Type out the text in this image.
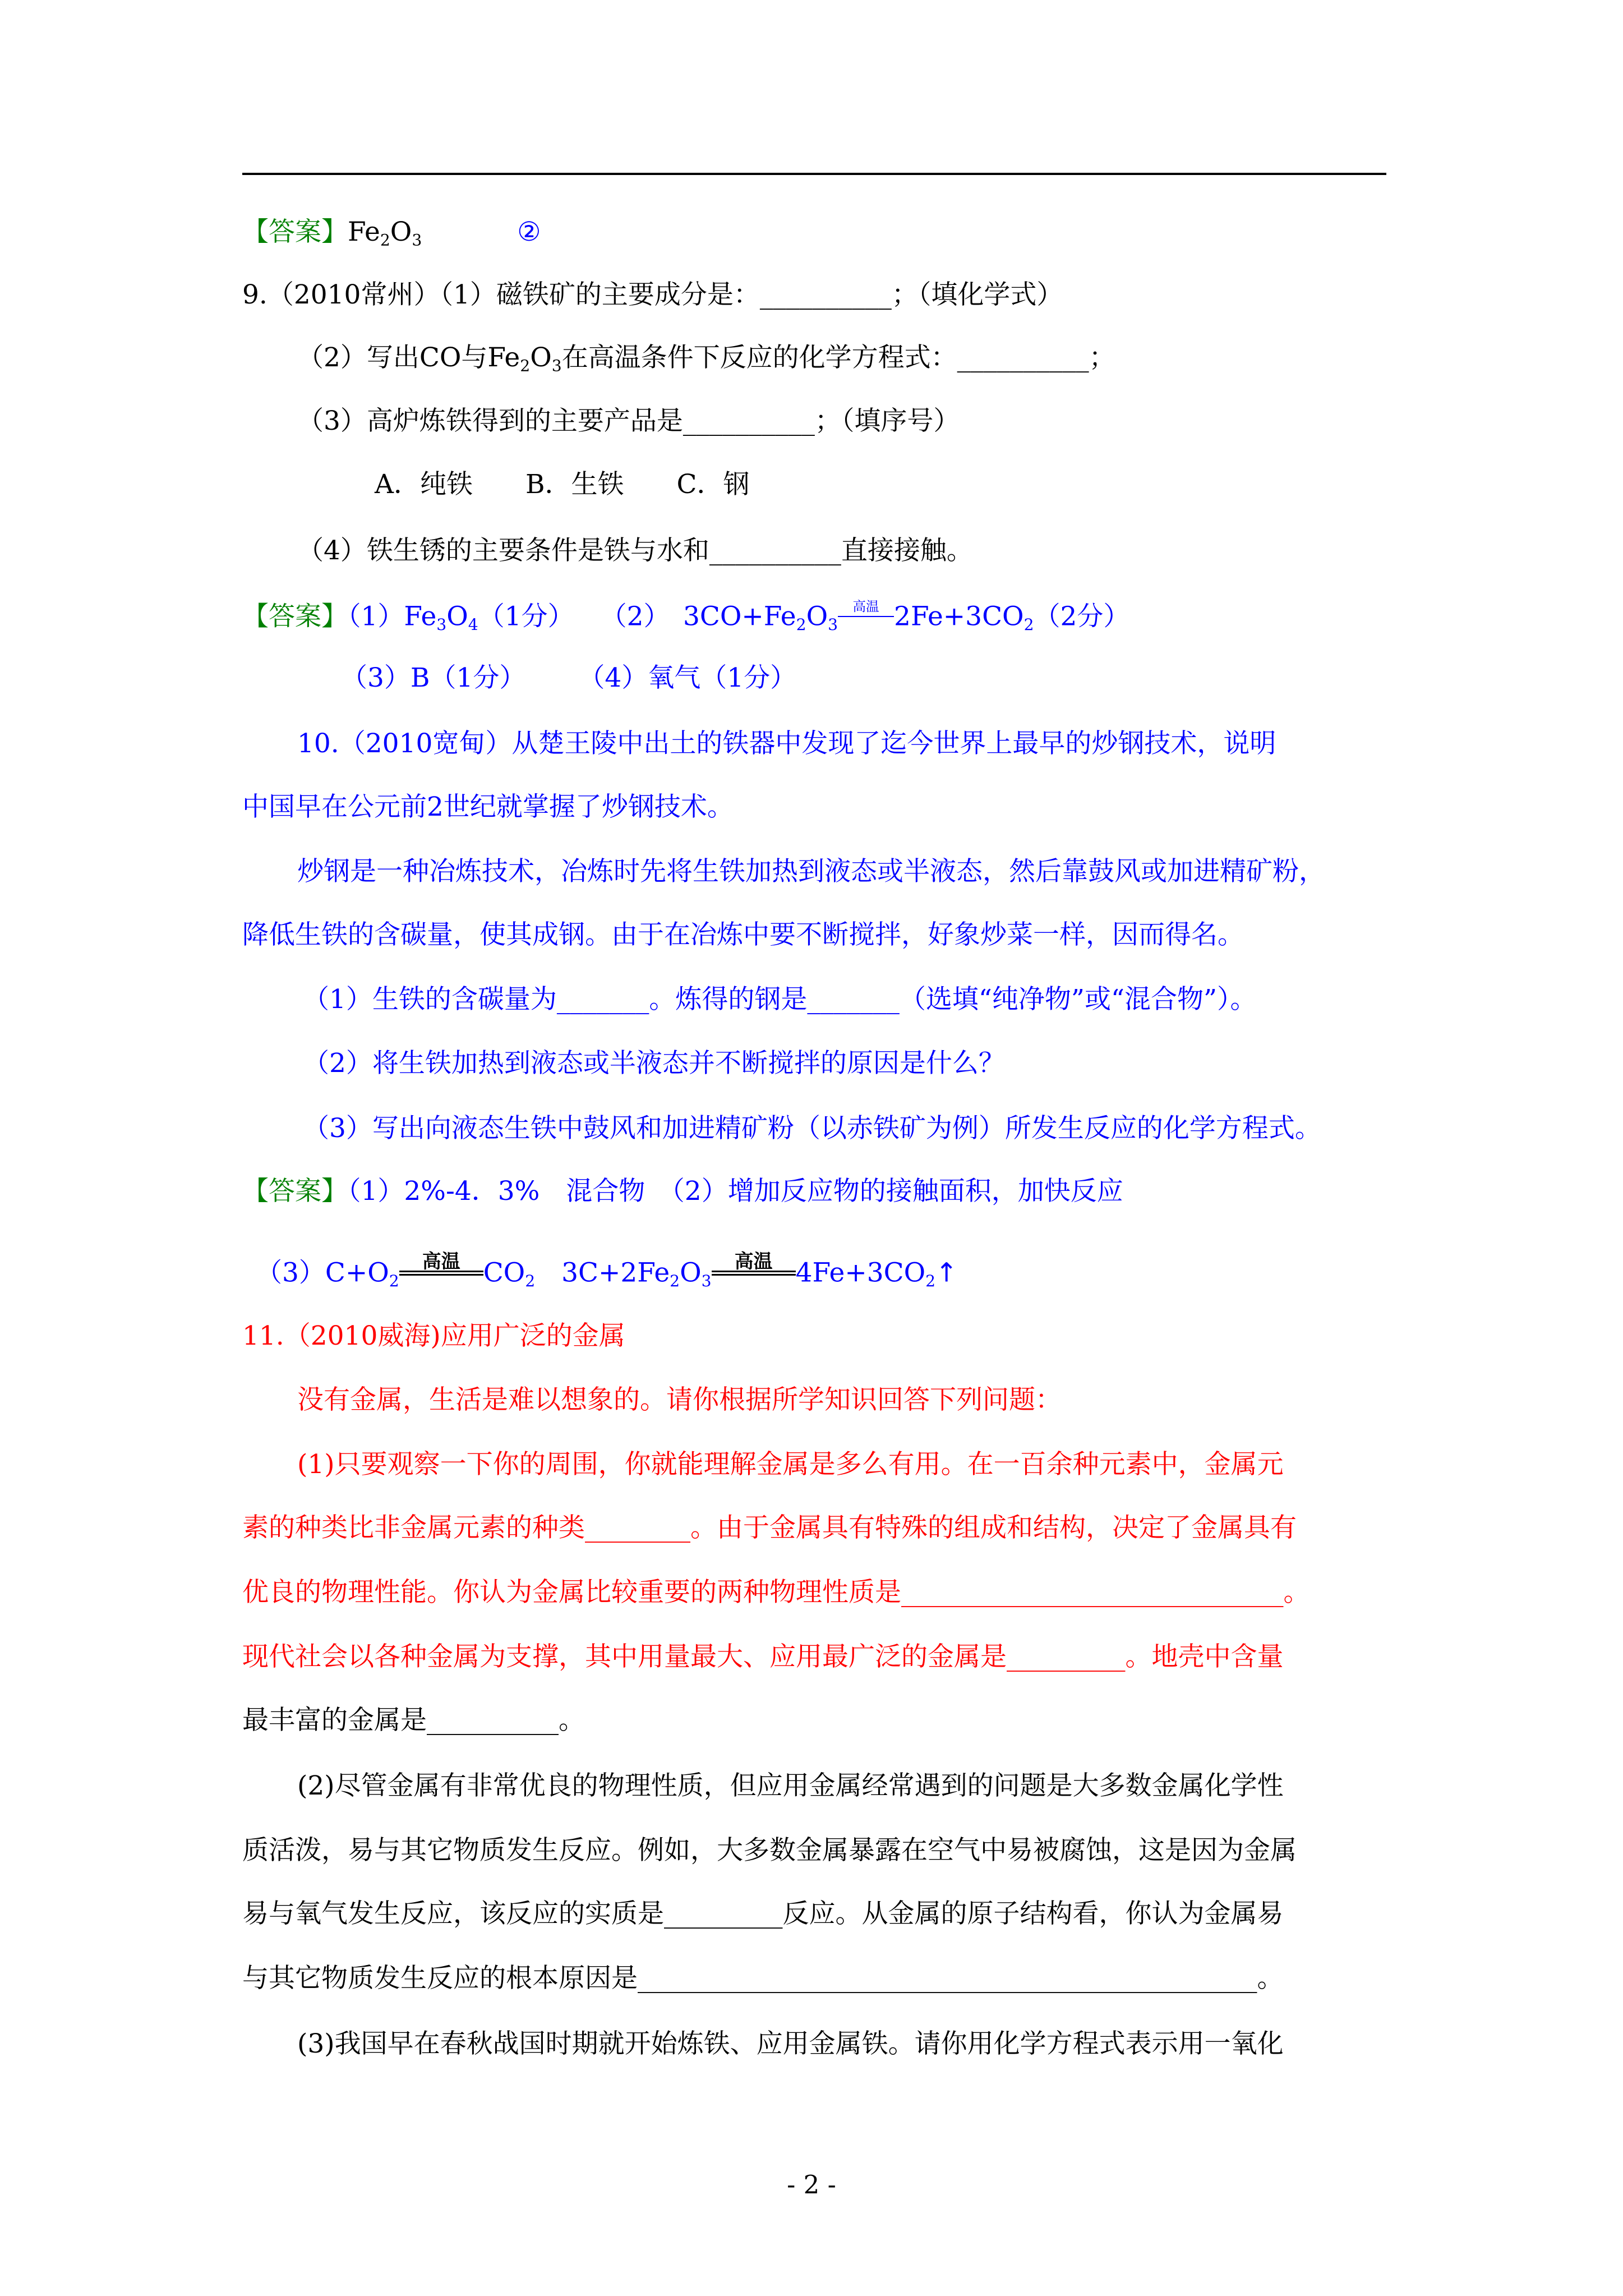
【答案】$Fe_2O_3$	②
9.（2010常州）（1）磁铁矿的主要成分是：__________；（填化学式）
（2）写出CO与$Fe_2O_3$在高温条件下反应的化学方程式：__________；
（3）高炉炼铁得到的主要产品是__________；（填序号）
A．纯铁　　B．生铁　　C．钢
（4）铁生锈的主要条件是铁与水和__________直接接触。
【答案】$(1)Fe_3O_4(1$分）　　（2）　$3CO+Fe_2O_3$
高温 $2Fe+3CO_2(2$分）
（3）B（1分）　　　（4）氧气（1分）
10.（2010宽甸）从楚王陵中出土的铁器中发现了迄今世界上最早的炒钢技术，说明
中国早在公元前2世纪就掌握了炒钢技术。
炒钢是一种冶炼技术，冶炼时先将生铁加热到液态或半液态，然后靠鼓风或加进精矿粉，
降低生铁的含碳量，使其成钢。由于在冶炼中要不断搅拌，好象炒菜一样，因而得名。
（1）生铁的含碳量为_______。炼得的钢是_______（选填“纯净物”或“混合物”）。
（2）将生铁加热到液态或半液态并不断搅拌的原因是什么？
（3）写出向液态生铁中鼓风和加进精矿粉（以赤铁矿为例）所发生反应的化学方程式。
【答案】（1）2%-4．3%　混合物　（2）增加反应物的接触面积，加快反应
$(3)C+O_2$
高温 $CO_2$　$3C+2Fe_2O_3$
高温 $4Fe+3CO_2↑$
11.（2010威海)应用广泛的金属
没有金属，生活是难以想象的。请你根据所学知识回答下列问题：
(1)只要观察一下你的周围，你就能理解金属是多么有用。在一百余种元素中，金属元
素的种类比非金属元素的种类________。由于金属具有特殊的组成和结构，决定了金属具有
优良的物理性能。你认为金属比较重要的两种物理性质是_____________________________。
现代社会以各种金属为支撑，其中用量最大、应用最广泛的金属是_________。地壳中含量
最丰富的金属是__________。
(2)尽管金属有非常优良的物理性质，但应用金属经常遇到的问题是大多数金属化学性
质活泼，易与其它物质发生反应。例如，大多数金属暴露在空气中易被腐蚀，这是因为金属
易与氧气发生反应，该反应的实质是_________反应。从金属的原子结构看，你认为金属易
与其它物质发生反应的根本原因是_______________________________________________。
(3)我国早在春秋战国时期就开始炼铁、应用金属铁。请你用化学方程式表示用一氧化
- 2 -
